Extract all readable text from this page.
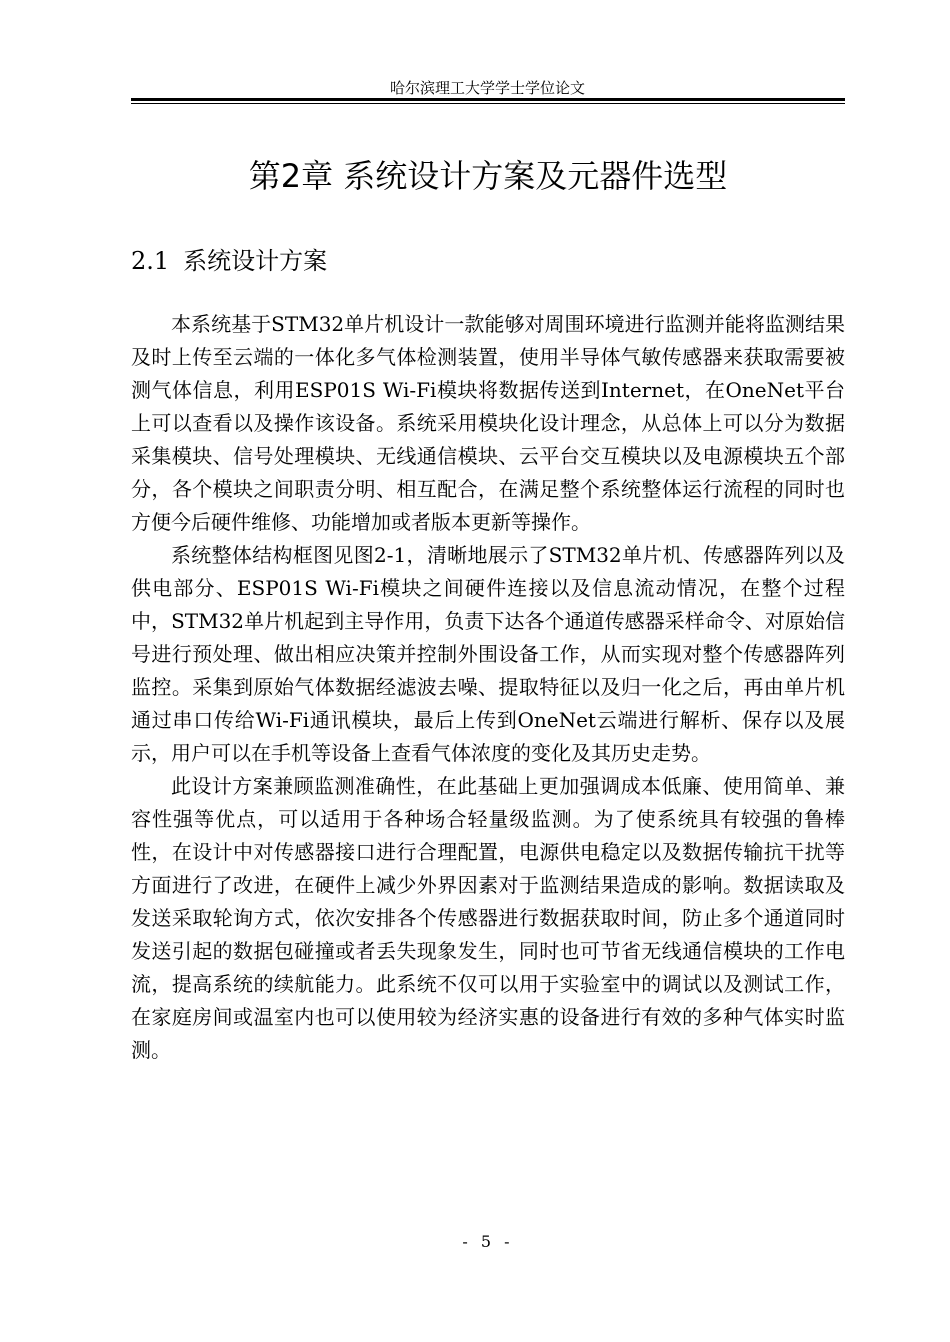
哈尔滨理工大学学士学位论文
第2章 系统设计方案及元器件选型
2.1 系统设计方案

本系统基于STM32单片机设计一款能够对周围环境进行监测并能将监测结果及时上传至云端的一体化多气体检测装置，使用半导体气敏传感器来获取需要被测气体信息，利用ESP01S Wi-Fi模块将数据传送到Internet，在OneNet平台上可以查看以及操作该设备。系统采用模块化设计理念，从总体上可以分为数据采集模块、信号处理模块、无线通信模块、云平台交互模块以及电源模块五个部分，各个模块之间职责分明、相互配合，在满足整个系统整体运行流程的同时也方便今后硬件维修、功能增加或者版本更新等操作。

系统整体结构框图见图2-1，清晰地展示了STM32单片机、传感器阵列以及供电部分、ESP01S Wi-Fi模块之间硬件连接以及信息流动情况，在整个过程中，STM32单片机起到主导作用，负责下达各个通道传感器采样命令、对原始信号进行预处理、做出相应决策并控制外围设备工作，从而实现对整个传感器阵列监控。采集到原始气体数据经滤波去噪、提取特征以及归一化之后，再由单片机通过串口传给Wi-Fi通讯模块，最后上传到OneNet云端进行解析、保存以及展示，用户可以在手机等设备上查看气体浓度的变化及其历史走势。

此设计方案兼顾监测准确性，在此基础上更加强调成本低廉、使用简单、兼容性强等优点，可以适用于各种场合轻量级监测。为了使系统具有较强的鲁棒性，在设计中对传感器接口进行合理配置，电源供电稳定以及数据传输抗干扰等方面进行了改进，在硬件上减少外界因素对于监测结果造成的影响。数据读取及发送采取轮询方式，依次安排各个传感器进行数据获取时间，防止多个通道同时发送引起的数据包碰撞或者丢失现象发生，同时也可节省无线通信模块的工作电流，提高系统的续航能力。此系统不仅可以用于实验室中的调试以及测试工作，在家庭房间或温室内也可以使用较为经济实惠的设备进行有效的多种气体实时监测。

- 5 -
